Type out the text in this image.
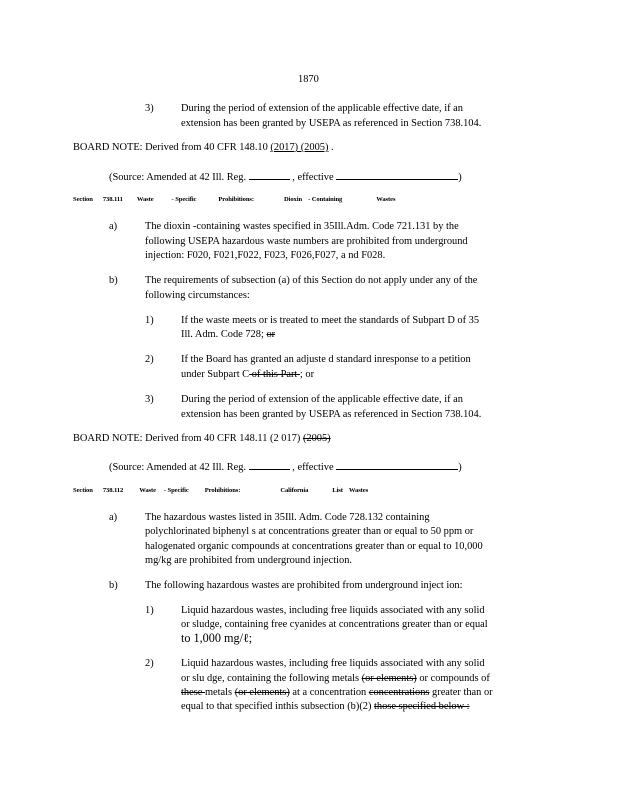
1870
3)	During the period of extension of the applicable effective date, if an
extension has been granted by USEPA as referenced in Section 738.104.
BOARD NOTE: Derived from 40 CFR 148.10 (2017) (2005) .
(Source: Amended at 42 Ill. Reg.	, effective	)
Section 738.111 Waste	- Specific	Prohibitions:	Dioxin - Containing	Wastes
a)	The dioxin -containing wastes specified in 35Ill.Adm. Code 721.131 by the
following USEPA hazardous waste numbers are prohibited from underground
injection: F020, F021,F022, F023, F026,F027, a nd F028.
b)	The requirements of subsection (a) of this Section do not apply under any of the
following circumstances:
1)	If the waste meets or is treated to meet the standards of Subpart D of 35
Ill. Adm. Code 728; or
2)	If the Board has granted an adjuste d standard inresponse to a petition
under Subpart C of this Part ; or
3)	During the period of extension of the applicable effective date, if an
extension has been granted by USEPA as referenced in Section 738.104.
BOARD NOTE: Derived from 40 CFR 148.11 (2 017) (2005)
(Source: Amended at 42 Ill. Reg.	, effective	)
Section 738.112 Waste - Specific Prohibitions:	California	List Wastes
a)	The hazardous wastes listed in 35Ill. Adm. Code 728.132 containing
polychlorinated biphenyl s at concentrations greater than or equal to 50 ppm or
halogenated organic compounds at concentrations greater than or equal to 10,000
mg/kg are prohibited from underground injection.
b)	The following hazardous wastes are prohibited from underground inject ion:
1)	Liquid hazardous wastes, including free liquids associated with any solid
or sludge, containing free cyanides at concentrations greater than or equal
to 1,000 mg/ℓ;
2)	Liquid hazardous wastes, including free liquids associated with any solid
or slu dge, containing the following metals (or elements) or compounds of
these metals (or elements) at a concentration concentrations greater than or
equal to that specified inthis subsection (b)(2) those specified below :
